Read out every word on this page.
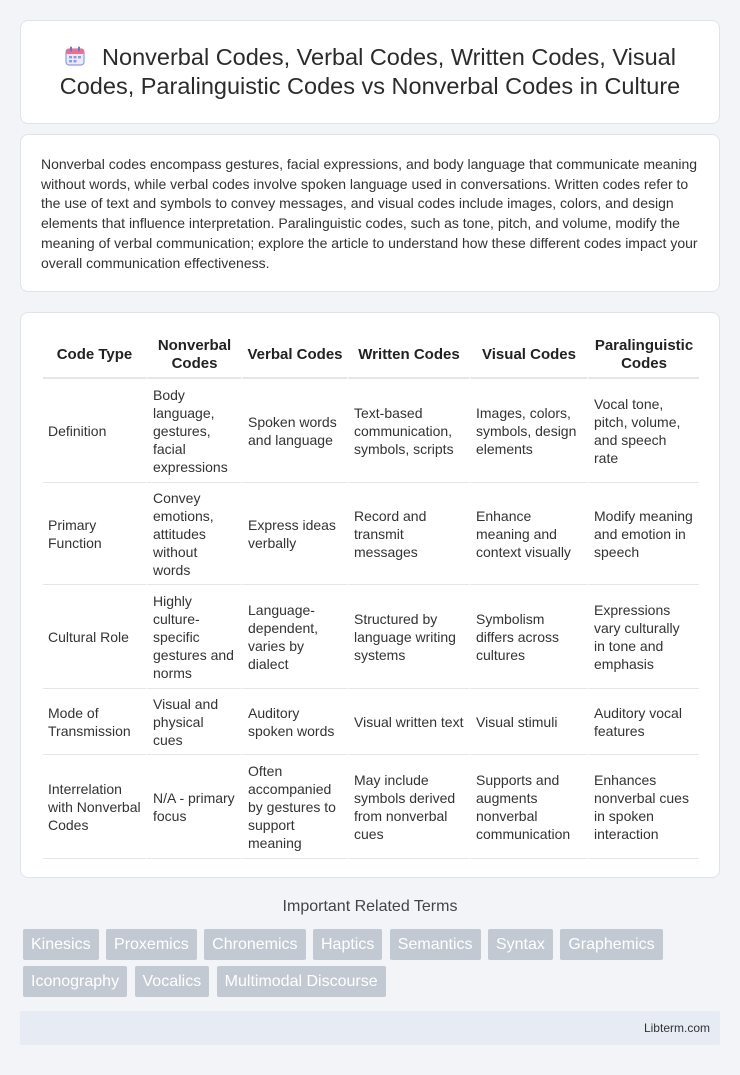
Nonverbal Codes, Verbal Codes, Written Codes, Visual Codes, Paralinguistic Codes vs Nonverbal Codes in Culture

Nonverbal codes encompass gestures, facial expressions, and body language that communicate meaning without words, while verbal codes involve spoken language used in conversations. Written codes refer to the use of text and symbols to convey messages, and visual codes include images, colors, and design elements that influence interpretation. Paralinguistic codes, such as tone, pitch, and volume, modify the meaning of verbal communication; explore the article to understand how these different codes impact your overall communication effectiveness.

Code Type	Nonverbal Codes	Verbal Codes	Written Codes	Visual Codes	Paralinguistic Codes
Definition	Body language, gestures, facial expressions	Spoken words and language	Text-based communication, symbols, scripts	Images, colors, symbols, design elements	Vocal tone, pitch, volume, and speech rate
Primary Function	Convey emotions, attitudes without words	Express ideas verbally	Record and transmit messages	Enhance meaning and context visually	Modify meaning and emotion in speech
Cultural Role	Highly culture-specific gestures and norms	Language-dependent, varies by dialect	Structured by language writing systems	Symbolism differs across cultures	Expressions vary culturally in tone and emphasis
Mode of Transmission	Visual and physical cues	Auditory spoken words	Visual written text	Visual stimuli	Auditory vocal features
Interrelation with Nonverbal Codes	N/A - primary focus	Often accompanied by gestures to support meaning	May include symbols derived from nonverbal cues	Supports and augments nonverbal communication	Enhances nonverbal cues in spoken interaction
Important Related Terms
Kinesics Proxemics Chronemics Haptics Semantics Syntax Graphemics Iconography Vocalics Multimodal Discourse
Libterm.com
